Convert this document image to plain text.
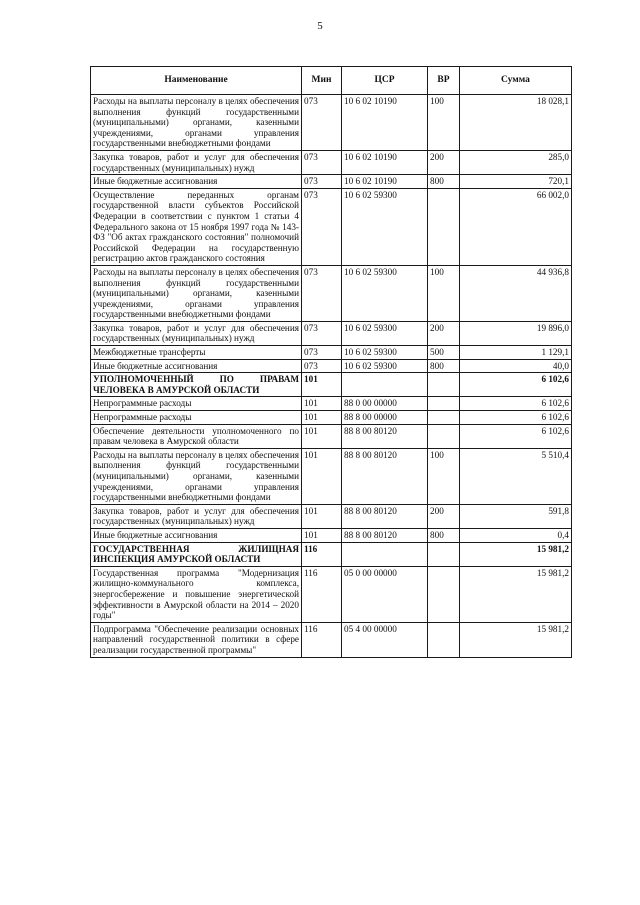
5
Наименование	Мин	ЦСР	ВР	Сумма
Расходы на выплаты персоналу в целях обеспечения выполнения функций государственными (муниципальными) органами, казенными учреждениями, органами управления государственными внебюджетными фондами	073	10 6 02 10190	100	18 028,1
Закупка товаров, работ и услуг для обеспечения государственных (муниципальных) нужд	073	10 6 02 10190	200	285,0
Иные бюджетные ассигнования	073	10 6 02 10190	800	720,1
Осуществление переданных органам государственной власти субъектов Российской Федерации в соответствии с пунктом 1 статьи 4 Федерального закона от 15 ноября 1997 года № 143-ФЗ "Об актах гражданского состояния" полномочий Российской Федерации на государственную регистрацию актов гражданского состояния	073	10 6 02 59300		66 002,0
Расходы на выплаты персоналу в целях обеспечения выполнения функций государственными (муниципальными) органами, казенными учреждениями, органами управления государственными внебюджетными фондами	073	10 6 02 59300	100	44 936,8
Закупка товаров, работ и услуг для обеспечения государственных (муниципальных) нужд	073	10 6 02 59300	200	19 896,0
Межбюджетные трансферты	073	10 6 02 59300	500	1 129,1
Иные бюджетные ассигнования	073	10 6 02 59300	800	40,0
УПОЛНОМОЧЕННЫЙ ПО ПРАВАМ ЧЕЛОВЕКА В АМУРСКОЙ ОБЛАСТИ	101			6 102,6
Непрограммные расходы	101	88 0 00 00000		6 102,6
Непрограммные расходы	101	88 8 00 00000		6 102,6
Обеспечение деятельности уполномоченного по правам человека в Амурской области	101	88 8 00 80120		6 102,6
Расходы на выплаты персоналу в целях обеспечения выполнения функций государственными (муниципальными) органами, казенными учреждениями, органами управления государственными внебюджетными фондами	101	88 8 00 80120	100	5 510,4
Закупка товаров, работ и услуг для обеспечения государственных (муниципальных) нужд	101	88 8 00 80120	200	591,8
Иные бюджетные ассигнования	101	88 8 00 80120	800	0,4
ГОСУДАРСТВЕННАЯ ЖИЛИЩНАЯ ИНСПЕКЦИЯ АМУРСКОЙ ОБЛАСТИ	116			15 981,2
Государственная программа "Модернизация жилищно-коммунального комплекса, энергосбережение и повышение энергетической эффективности в Амурской области на 2014 – 2020 годы"	116	05 0 00 00000		15 981,2
Подпрограмма "Обеспечение реализации основных направлений государственной политики в сфере реализации государственной программы"	116	05 4 00 00000		15 981,2
